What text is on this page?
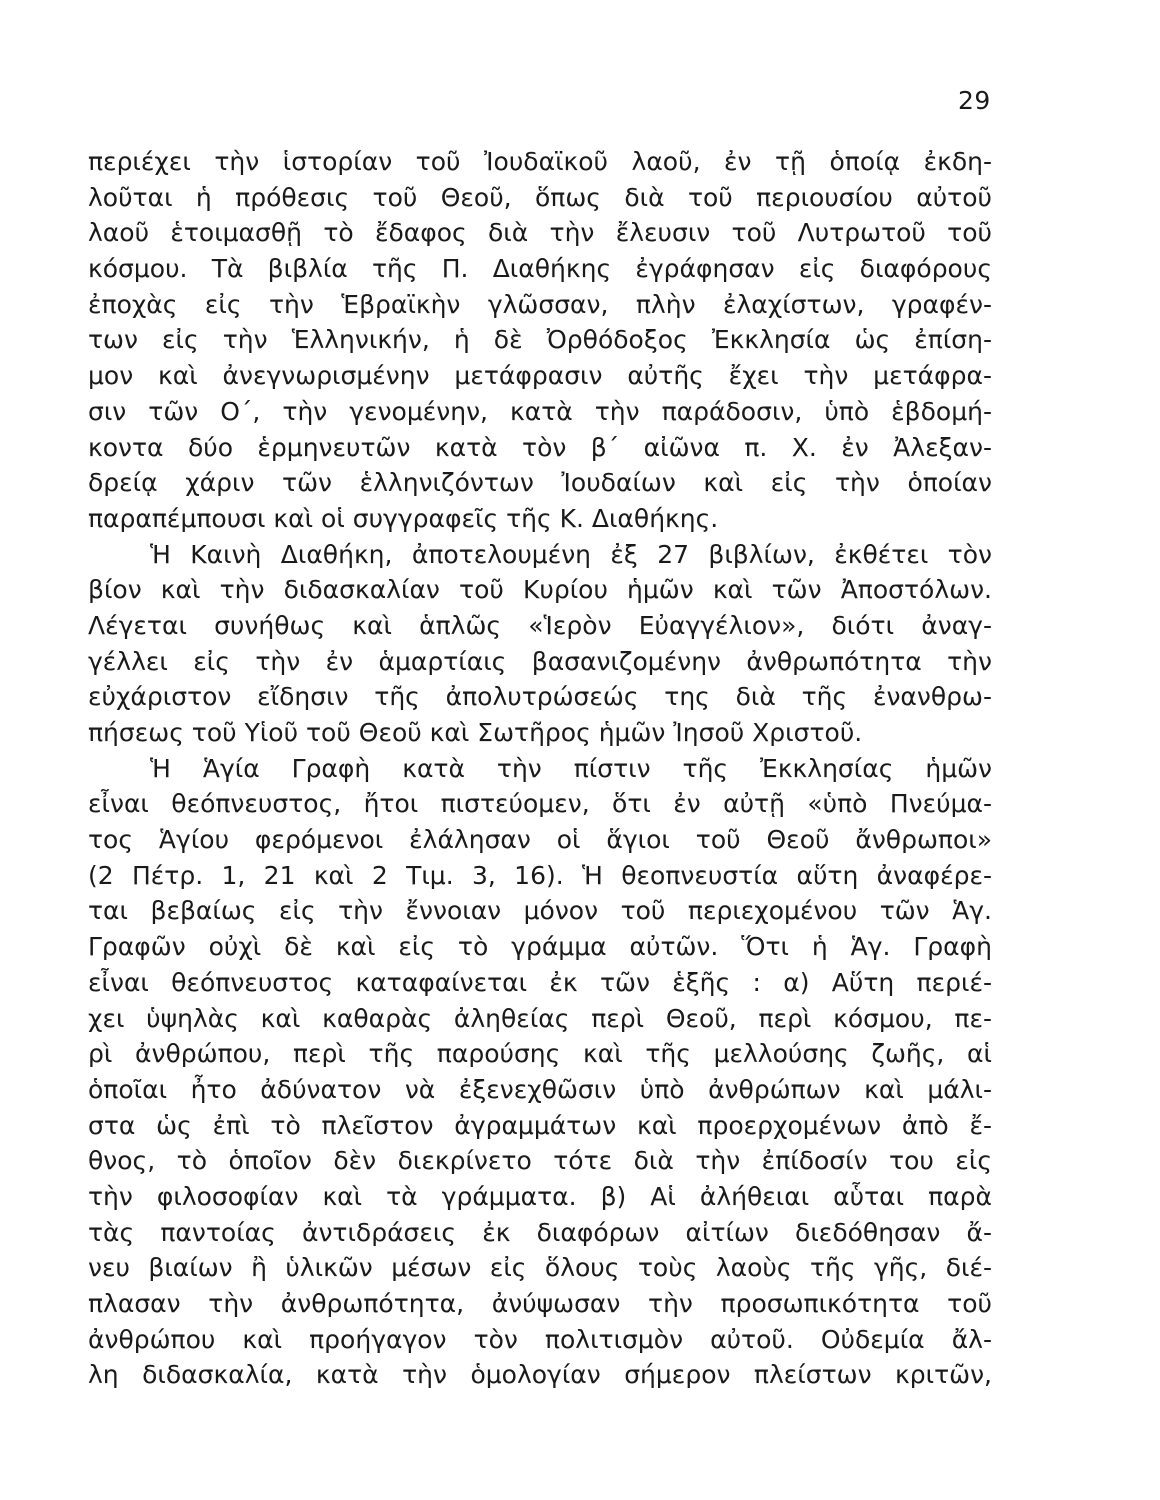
29
περιέχει τὴν ἱστορίαν τοῦ Ἰουδαϊκοῦ λαοῦ, ἐν τῇ ὁποίᾳ ἐκδη-
λοῦται ἡ πρόθεσις τοῦ Θεοῦ, ὅπως διὰ τοῦ περιουσίου αὐτοῦ
λαοῦ ἑτοιμασθῇ τὸ ἔδαφος διὰ τὴν ἔλευσιν τοῦ Λυτρωτοῦ τοῦ
κόσμου. Τὰ βιβλία τῆς Π. Διαθήκης ἐγράφησαν εἰς διαφόρους
ἐποχὰς εἰς τὴν Ἑβραϊκὴν γλῶσσαν, πλὴν ἐλαχίστων, γραφέν-
των εἰς τὴν Ἑλληνικήν, ἡ δὲ Ὀρθόδοξος Ἐκκλησία ὡς ἐπίση-
μον καὶ ἀνεγνωρισμένην μετάφρασιν αὐτῆς ἔχει τὴν μετάφρα-
σιν τῶν Ο΄, τὴν γενομένην, κατὰ τὴν παράδοσιν, ὑπὸ ἑβδομή-
κοντα δύο ἑρμηνευτῶν κατὰ τὸν β΄ αἰῶνα π. Χ. ἐν Ἀλεξαν-
δρείᾳ χάριν τῶν ἑλληνιζόντων Ἰουδαίων καὶ εἰς τὴν ὁποίαν
παραπέμπουσι καὶ οἱ συγγραφεῖς τῆς Κ. Διαθήκης.
Ἡ Καινὴ Διαθήκη, ἀποτελουμένη ἐξ 27 βιβλίων, ἐκθέτει τὸν
βίον καὶ τὴν διδασκαλίαν τοῦ Κυρίου ἡμῶν καὶ τῶν Ἀποστόλων.
Λέγεται συνήθως καὶ ἁπλῶς «Ἱερὸν Εὐαγγέλιον», διότι ἀναγ-
γέλλει εἰς τὴν ἐν ἁμαρτίαις βασανιζομένην ἀνθρωπότητα τὴν
εὐχάριστον εἴδησιν τῆς ἀπολυτρώσεώς της διὰ τῆς ἐνανθρω-
πήσεως τοῦ Υἱοῦ τοῦ Θεοῦ καὶ Σωτῆρος ἡμῶν Ἰησοῦ Χριστοῦ.
Ἡ Ἁγία Γραφὴ κατὰ τὴν πίστιν τῆς Ἐκκλησίας ἡμῶν
εἶναι θεόπνευστος, ἤτοι πιστεύομεν, ὅτι ἐν αὐτῇ «ὑπὸ Πνεύμα-
τος Ἁγίου φερόμενοι ἐλάλησαν οἱ ἅγιοι τοῦ Θεοῦ ἄνθρωποι»
(2 Πέτρ. 1, 21 καὶ 2 Τιμ. 3, 16). Ἡ θεοπνευστία αὕτη ἀναφέρε-
ται βεβαίως εἰς τὴν ἔννοιαν μόνον τοῦ περιεχομένου τῶν Ἁγ.
Γραφῶν οὐχὶ δὲ καὶ εἰς τὸ γράμμα αὐτῶν. Ὅτι ἡ Ἁγ. Γραφὴ
εἶναι θεόπνευστος καταφαίνεται ἐκ τῶν ἑξῆς : α) Αὕτη περιέ-
χει ὑψηλὰς καὶ καθαρὰς ἀληθείας περὶ Θεοῦ, περὶ κόσμου, πε-
ρὶ ἀνθρώπου, περὶ τῆς παρούσης καὶ τῆς μελλούσης ζωῆς, αἱ
ὁποῖαι ἦτο ἀδύνατον νὰ ἐξενεχθῶσιν ὑπὸ ἀνθρώπων καὶ μάλι-
στα ὡς ἐπὶ τὸ πλεῖστον ἀγραμμάτων καὶ προερχομένων ἀπὸ ἔ-
θνος, τὸ ὁποῖον δὲν διεκρίνετο τότε διὰ τὴν ἐπίδοσίν του εἰς
τὴν φιλοσοφίαν καὶ τὰ γράμματα. β) Αἱ ἀλήθειαι αὗται παρὰ
τὰς παντοίας ἀντιδράσεις ἐκ διαφόρων αἰτίων διεδόθησαν ἄ-
νευ βιαίων ἢ ὑλικῶν μέσων εἰς ὅλους τοὺς λαοὺς τῆς γῆς, διέ-
πλασαν τὴν ἀνθρωπότητα, ἀνύψωσαν τὴν προσωπικότητα τοῦ
ἀνθρώπου καὶ προήγαγον τὸν πολιτισμὸν αὐτοῦ. Οὐδεμία ἄλ-
λη διδασκαλία, κατὰ τὴν ὁμολογίαν σήμερον πλείστων κριτῶν,
